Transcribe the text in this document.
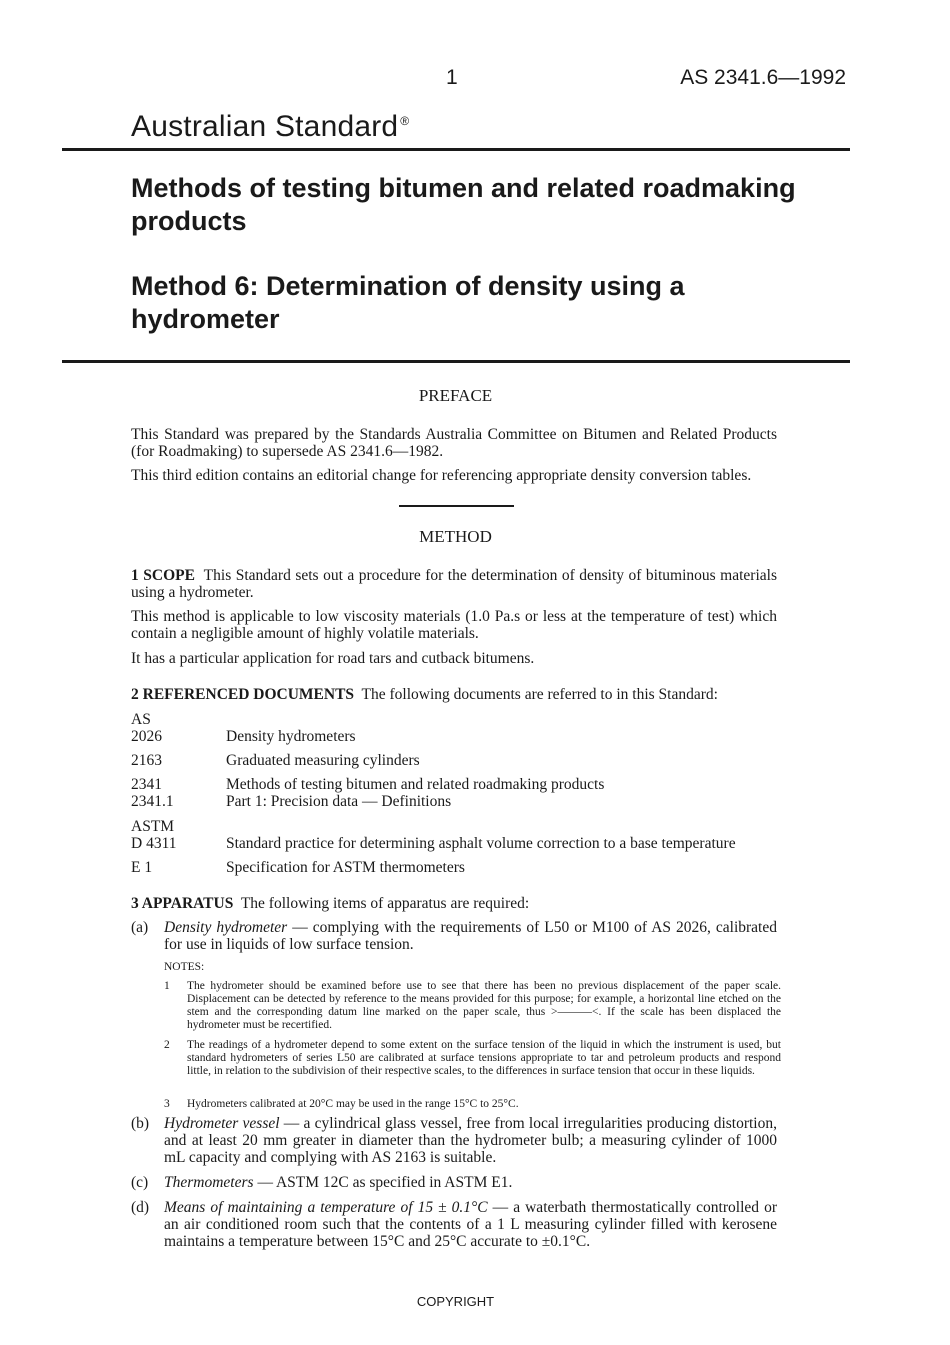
1	AS 2341.6—1992
Australian Standard ®
Methods of testing bitumen and related roadmaking products
Method 6: Determination of density using a hydrometer
PREFACE
This Standard was prepared by the Standards Australia Committee on Bitumen and Related Products (for Roadmaking) to supersede AS 2341.6—1982.
This third edition contains an editorial change for referencing appropriate density conversion tables.
METHOD
1 SCOPE This Standard sets out a procedure for the determination of density of bituminous materials using a hydrometer.
This method is applicable to low viscosity materials (1.0 Pa.s or less at the temperature of test) which contain a negligible amount of highly volatile materials.
It has a particular application for road tars and cutback bitumens.
2 REFERENCED DOCUMENTS The following documents are referred to in this Standard:
AS
2026	Density hydrometers
2163	Graduated measuring cylinders
2341	Methods of testing bitumen and related roadmaking products
2341.1	Part 1: Precision data — Definitions
ASTM
D 4311	Standard practice for determining asphalt volume correction to a base temperature
E 1	Specification for ASTM thermometers
3 APPARATUS The following items of apparatus are required:
(a) Density hydrometer — complying with the requirements of L50 or M100 of AS 2026, calibrated for use in liquids of low surface tension.
NOTES:
1 The hydrometer should be examined before use to see that there has been no previous displacement of the paper scale. Displacement can be detected by reference to the means provided for this purpose; for example, a horizontal line etched on the stem and the corresponding datum line marked on the paper scale, thus >———<. If the scale has been displaced the hydrometer must be recertified.
2 The readings of a hydrometer depend to some extent on the surface tension of the liquid in which the instrument is used, but standard hydrometers of series L50 are calibrated at surface tensions appropriate to tar and petroleum products and respond little, in relation to the subdivision of their respective scales, to the differences in surface tension that occur in these liquids.
3 Hydrometers calibrated at 20°C may be used in the range 15°C to 25°C.
(b) Hydrometer vessel — a cylindrical glass vessel, free from local irregularities producing distortion, and at least 20 mm greater in diameter than the hydrometer bulb; a measuring cylinder of 1000 mL capacity and complying with AS 2163 is suitable.
(c) Thermometers — ASTM 12C as specified in ASTM E1.
(d) Means of maintaining a temperature of 15 ± 0.1°C — a waterbath thermostatically controlled or an air conditioned room such that the contents of a 1 L measuring cylinder filled with kerosene maintains a temperature between 15°C and 25°C accurate to ±0.1°C.
COPYRIGHT
